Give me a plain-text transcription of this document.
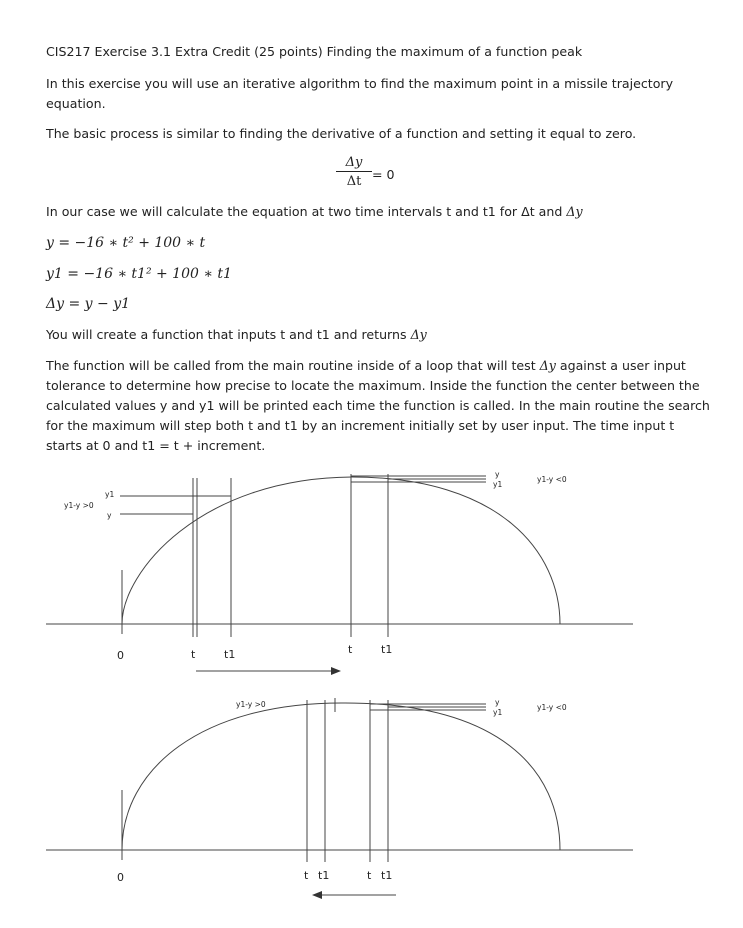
CIS217 Exercise 3.1 Extra Credit (25 points) Finding the maximum of a function peak
In this exercise you will use an iterative algorithm to find the maximum point in a missile trajectory equation.
The basic process is similar to finding the derivative of a function and setting it equal to zero.
Δy
Δt = 0
In our case we will calculate the equation at two time intervals t and t1 for Δt and Δy
y = −16 ∗ t² + 100 ∗ t
y1 = −16 ∗ t1² + 100 ∗ t1
Δy = y − y1
You will create a function that inputs t and t1 and returns Δy
The function will be called from the main routine inside of a loop that will test Δy against a user input tolerance to determine how precise to locate the maximum. Inside the function the center between the calculated values y and y1 will be printed each time the function is called. In the main routine the search for the maximum will step both t and t1 by an increment initially set by user input. The time input t starts at 0 and t1 = t + increment.
y1-y >0
y1
y
y
y1
y1-y <0
0	t	t1	t	t1
y1-y >0	y
y1
y1-y <0
0	t t1	t t1
